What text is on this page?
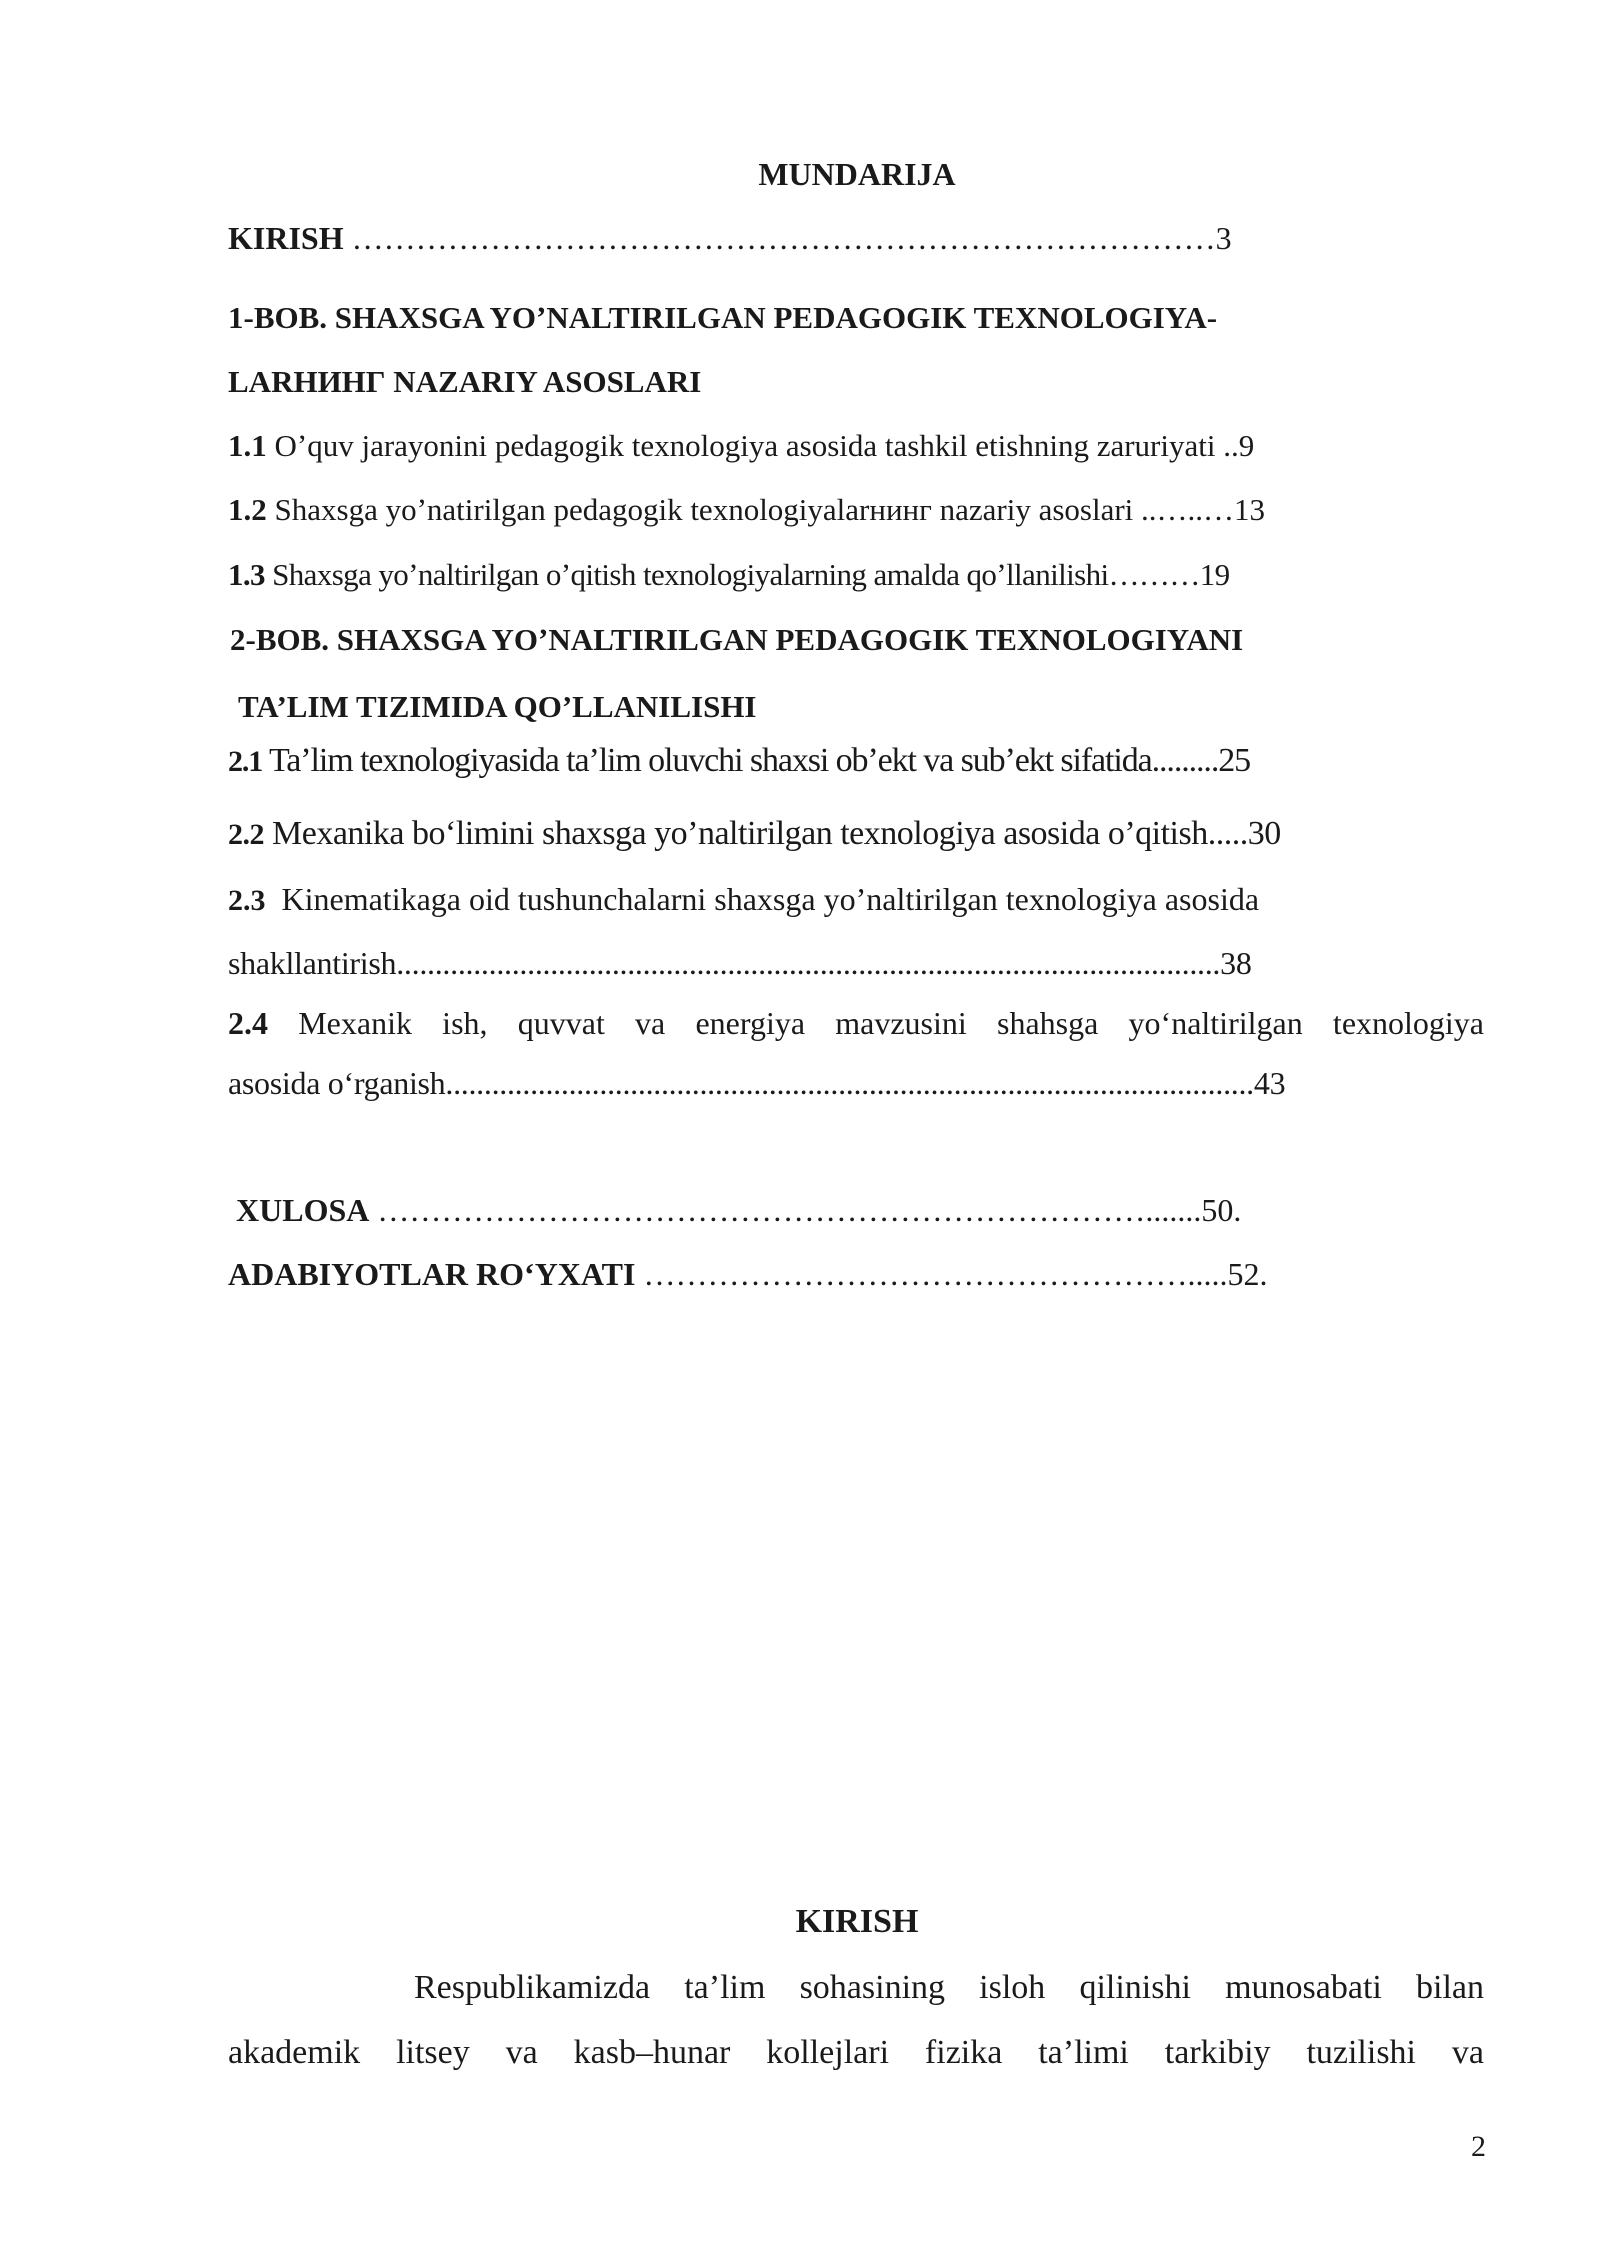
MUNDARIJA
KIRISH ………………………………………………………………………3
1-BOB. SHAXSGA YOʼNALTIRILGAN PEDAGOGIK TEXNOLOGIYA-
LARHИНГ NAZARIY ASOSLARI
1.1 Oʼquv jarayonini pedagogik texnologiya asosida tashkil etishning zaruriyati ..9
1.2 Shaxsga yoʼnatirilgan pedagogik texnologiyalarнинг nazariy asoslari ..…..…13
1.3 Shaxsga yoʼnaltirilgan oʼqitish texnologiyalarning amalda qoʼllanilishi………19
2-BOB. SHAXSGA YOʼNALTIRILGAN PEDAGOGIK TEXNOLOGIYANI
TA’LIM TIZIMIDA QO’LLANILISHI
2.1 Taʼlim texnologiyasida ta’lim oluvchi shaxsi obʼekt va subʼekt sifatida.........25
2.2 Mexanika bo‘limini shaxsga yo’naltirilgan texnologiya asosida o’qitish.....30
2.3 Kinematikaga oid tushunchalarni shaxsga yo’naltirilgan texnologiya asosida
shakllantirish...........................................................................................................38
2.4 Mexanik ish, quvvat va energiya mavzusini shahsga yo‘naltirilgan texnologiya
asosida o‘rganish.........................................................................................................43
XULOSA ……………………………………………………………….......50.
ADABIYOTLAR RO‘YXATI …………………………………………….....52.
KIRISH
Respublikamizda ta’lim sohasining isloh qilinishi munosabati bilan
akademik litsey va kasb–hunar kollejlari fizika ta’limi tarkibiy tuzilishi va
2
